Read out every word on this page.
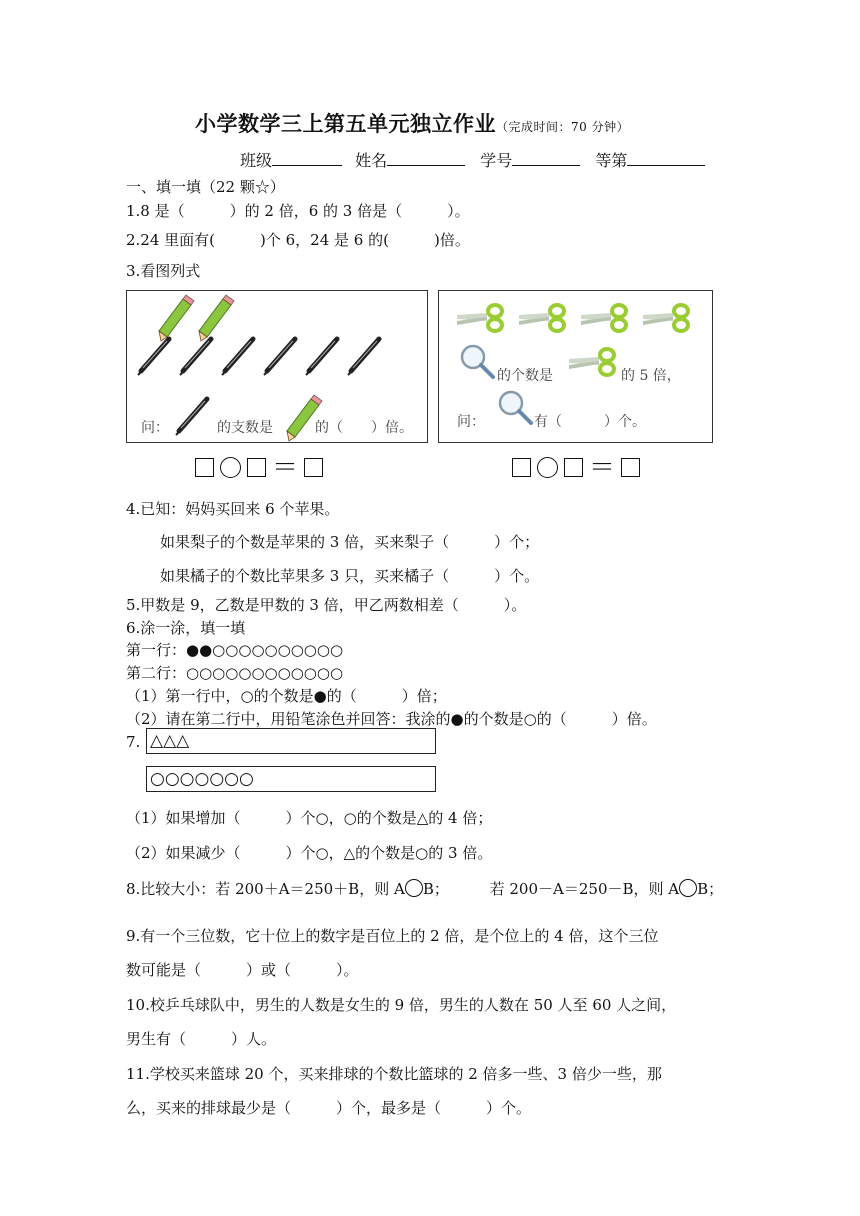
小学数学三上第五单元独立作业（完成时间：70 分钟）
班级	姓名	学号	等第
一、填一填（22 颗☆）
1.8 是（　　　）的 2 倍，6 的 3 倍是（　　　）。
2.24 里面有(　　　)个 6，24 是 6 的(　　　)倍。
3.看图列式
问：	的支数是	的（　　）倍。
的个数是	的 5 倍，
问：	有（　　　）个。
＝	＝
4.已知：妈妈买回来 6 个苹果。
如果梨子的个数是苹果的 3 倍，买来梨子（　　　）个；
如果橘子的个数比苹果多 3 只，买来橘子（　　　）个。
5.甲数是 9，乙数是甲数的 3 倍，甲乙两数相差（　　　）。
6.涂一涂，填一填
第一行：●●○○○○○○○○○○
第二行：○○○○○○○○○○○○
（1）第一行中，○的个数是●的（　　　）倍；
（2）请在第二行中，用铅笔涂色并回答：我涂的●的个数是○的（　　　）倍。
7. △△△
○○○○○○○
（1）如果增加（　　　）个○，○的个数是△的 4 倍；
（2）如果减少（　　　）个○，△的个数是○的 3 倍。
8.比较大小：若 200＋A＝250＋B，则 A B；	若 200－A＝250－B，则 A B；
9.有一个三位数，它十位上的数字是百位上的 2 倍，是个位上的 4 倍，这个三位
数可能是（　　　）或（　　　）。
10.校乒乓球队中，男生的人数是女生的 9 倍，男生的人数在 50 人至 60 人之间，
男生有（　　　）人。
11.学校买来篮球 20 个，买来排球的个数比篮球的 2 倍多一些、3 倍少一些，那
么，买来的排球最少是（　　　）个，最多是（　　　）个。
